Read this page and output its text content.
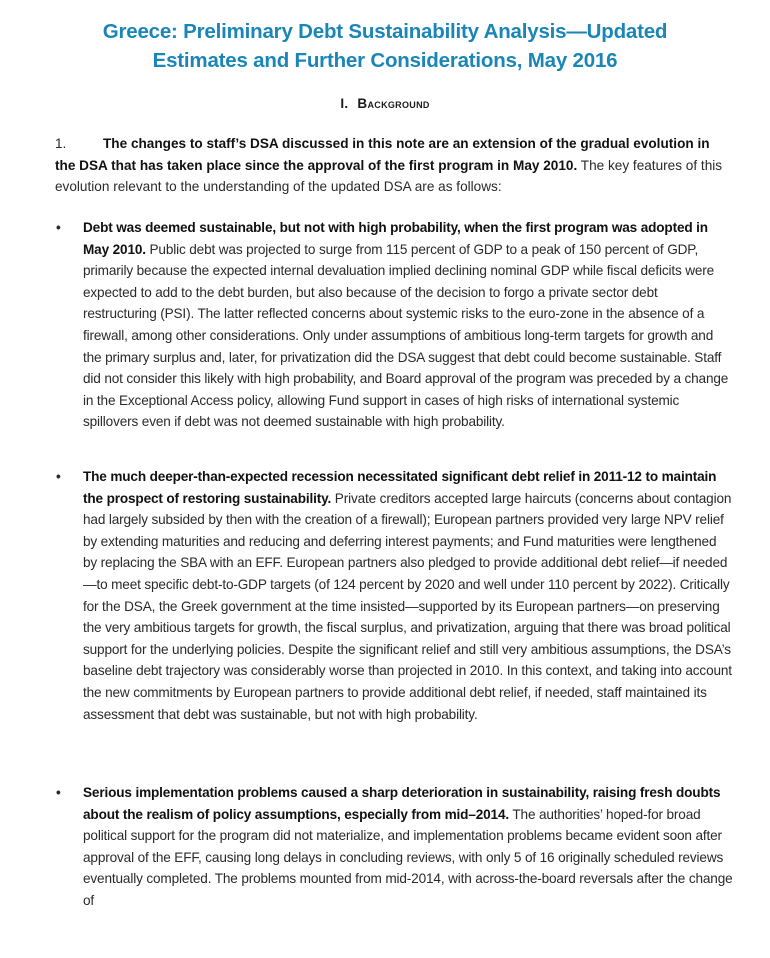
Greece: Preliminary Debt Sustainability Analysis—Updated
Estimates and Further Considerations, May 2016
I. Background
1.	The changes to staff’s DSA discussed in this note are an extension of the gradual evolution in the DSA that has taken place since the approval of the first program in May 2010. The key features of this evolution relevant to the understanding of the updated DSA are as follows:
•	Debt was deemed sustainable, but not with high probability, when the first program was adopted in May 2010. Public debt was projected to surge from 115 percent of GDP to a peak of 150 percent of GDP, primarily because the expected internal devaluation implied declining nominal GDP while fiscal deficits were expected to add to the debt burden, but also because of the decision to forgo a private sector debt restructuring (PSI). The latter reflected concerns about systemic risks to the euro-zone in the absence of a firewall, among other considerations. Only under assumptions of ambitious long-term targets for growth and the primary surplus and, later, for privatization did the DSA suggest that debt could become sustainable. Staff did not consider this likely with high probability, and Board approval of the program was preceded by a change in the Exceptional Access policy, allowing Fund support in cases of high risks of international systemic spillovers even if debt was not deemed sustainable with high probability.
•	The much deeper-than-expected recession necessitated significant debt relief in 2011-12 to maintain the prospect of restoring sustainability. Private creditors accepted large haircuts (concerns about contagion had largely subsided by then with the creation of a firewall); European partners provided very large NPV relief by extending maturities and reducing and deferring interest payments; and Fund maturities were lengthened by replacing the SBA with an EFF. European partners also pledged to provide additional debt relief—if needed—to meet specific debt-to-GDP targets (of 124 percent by 2020 and well under 110 percent by 2022). Critically for the DSA, the Greek government at the time insisted—supported by its European partners—on preserving the very ambitious targets for growth, the fiscal surplus, and privatization, arguing that there was broad political support for the underlying policies. Despite the significant relief and still very ambitious assumptions, the DSA’s baseline debt trajectory was considerably worse than projected in 2010. In this context, and taking into account the new commitments by European partners to provide additional debt relief, if needed, staff maintained its assessment that debt was sustainable, but not with high probability.
•	Serious implementation problems caused a sharp deterioration in sustainability, raising fresh doubts about the realism of policy assumptions, especially from mid–2014. The authorities’ hoped-for broad political support for the program did not materialize, and implementation problems became evident soon after approval of the EFF, causing long delays in concluding reviews, with only 5 of 16 originally scheduled reviews eventually completed. The problems mounted from mid-2014, with across-the-board reversals after the change of
